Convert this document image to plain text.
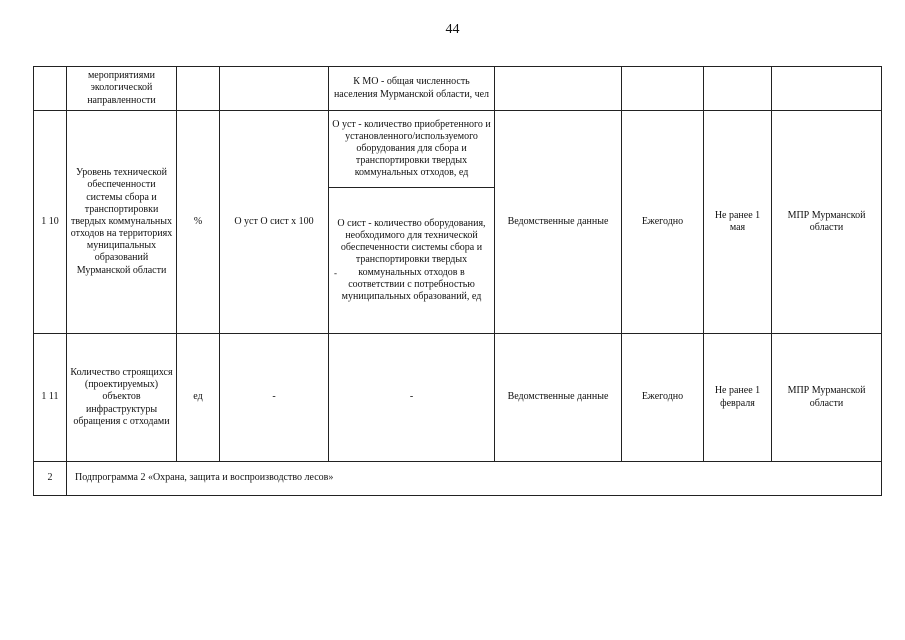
44
	мероприятиями экологической направленности			К МО - общая численность населения Мурманской области, чел				
1 10	Уровень технической обеспеченности системы сбора и транспортировки твердых коммунальных отходов на территориях муниципальных образований Мурманской области	%	О уст О сист х 100	О уст - количество приобретенного и установленного/используемого оборудования для сбора и транспортировки твердых коммунальных отходов, ед	Ведомственные данные	Ежегодно	Не ранее 1 мая	МПР Мурманской области
				О сист - количество оборудования, необходимого для технической обеспеченности системы сбора и транспортировки твердых коммунальных отходов в соответствии с потребностью муниципальных образований, ед				
1 11	Количество строящихся (проектируемых) объектов инфраструктуры обращения с отходами	ед	-	-	Ведомственные данные	Ежегодно	Не ранее 1 февраля	МПР Мурманской области
2	Подпрограмма 2 «Охрана, защита и воспроизводство лесов»							
-
